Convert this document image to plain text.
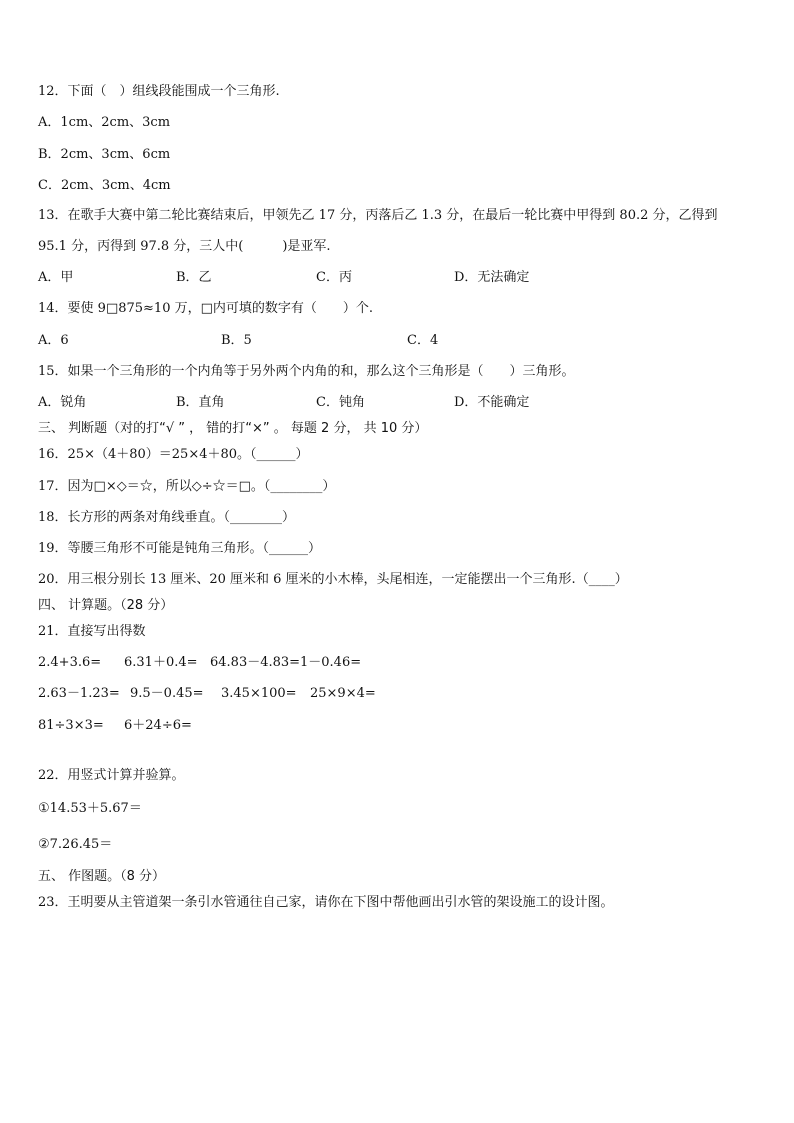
12．下面（　）组线段能围成一个三角形.
A．1cm、2cm、3cm
B．2cm、3cm、6cm
C．2cm、3cm、4cm
13．在歌手大赛中第二轮比赛结束后，甲领先乙 17 分，丙落后乙 1.3 分，在最后一轮比赛中甲得到 80.2 分，乙得到
95.1 分，丙得到 97.8 分，三人中(　　　)是亚军.
A．甲	B．乙	C．丙	D．无法确定
14．要使 9□875≈10 万，□内可填的数字有（　　）个.
A．6	B．5	C．4
15．如果一个三角形的一个内角等于另外两个内角的和，那么这个三角形是（　　）三角形。
A．锐角	B．直角	C．钝角	D．不能确定
三、 判断题（对的打“√ ” ， 错的打“×” 。 每题 2 分， 共 10 分）
16．25×（4＋80）＝25×4＋80。（______）
17．因为□×◇＝☆，所以◇÷☆＝□。（________）
18．长方形的两条对角线垂直。（________）
19．等腰三角形不可能是钝角三角形。（______）
20．用三根分别长 13 厘米、20 厘米和 6 厘米的小木棒，头尾相连，一定能摆出一个三角形.（____）
四、 计算题。（28 分）
21．直接写出得数
2.4+3.6= 6.31＋0.4= 64.83－4.83=1－0.46=
2.63－1.23= 9.5－0.45= 3.45×100= 25×9×4=
81÷3×3= 6＋24÷6=
22．用竖式计算并验算。
①14.53＋5.67＝
②7.26.45＝
五、 作图题。（8 分）
23．王明要从主管道架一条引水管通往自己家，请你在下图中帮他画出引水管的架设施工的设计图。
